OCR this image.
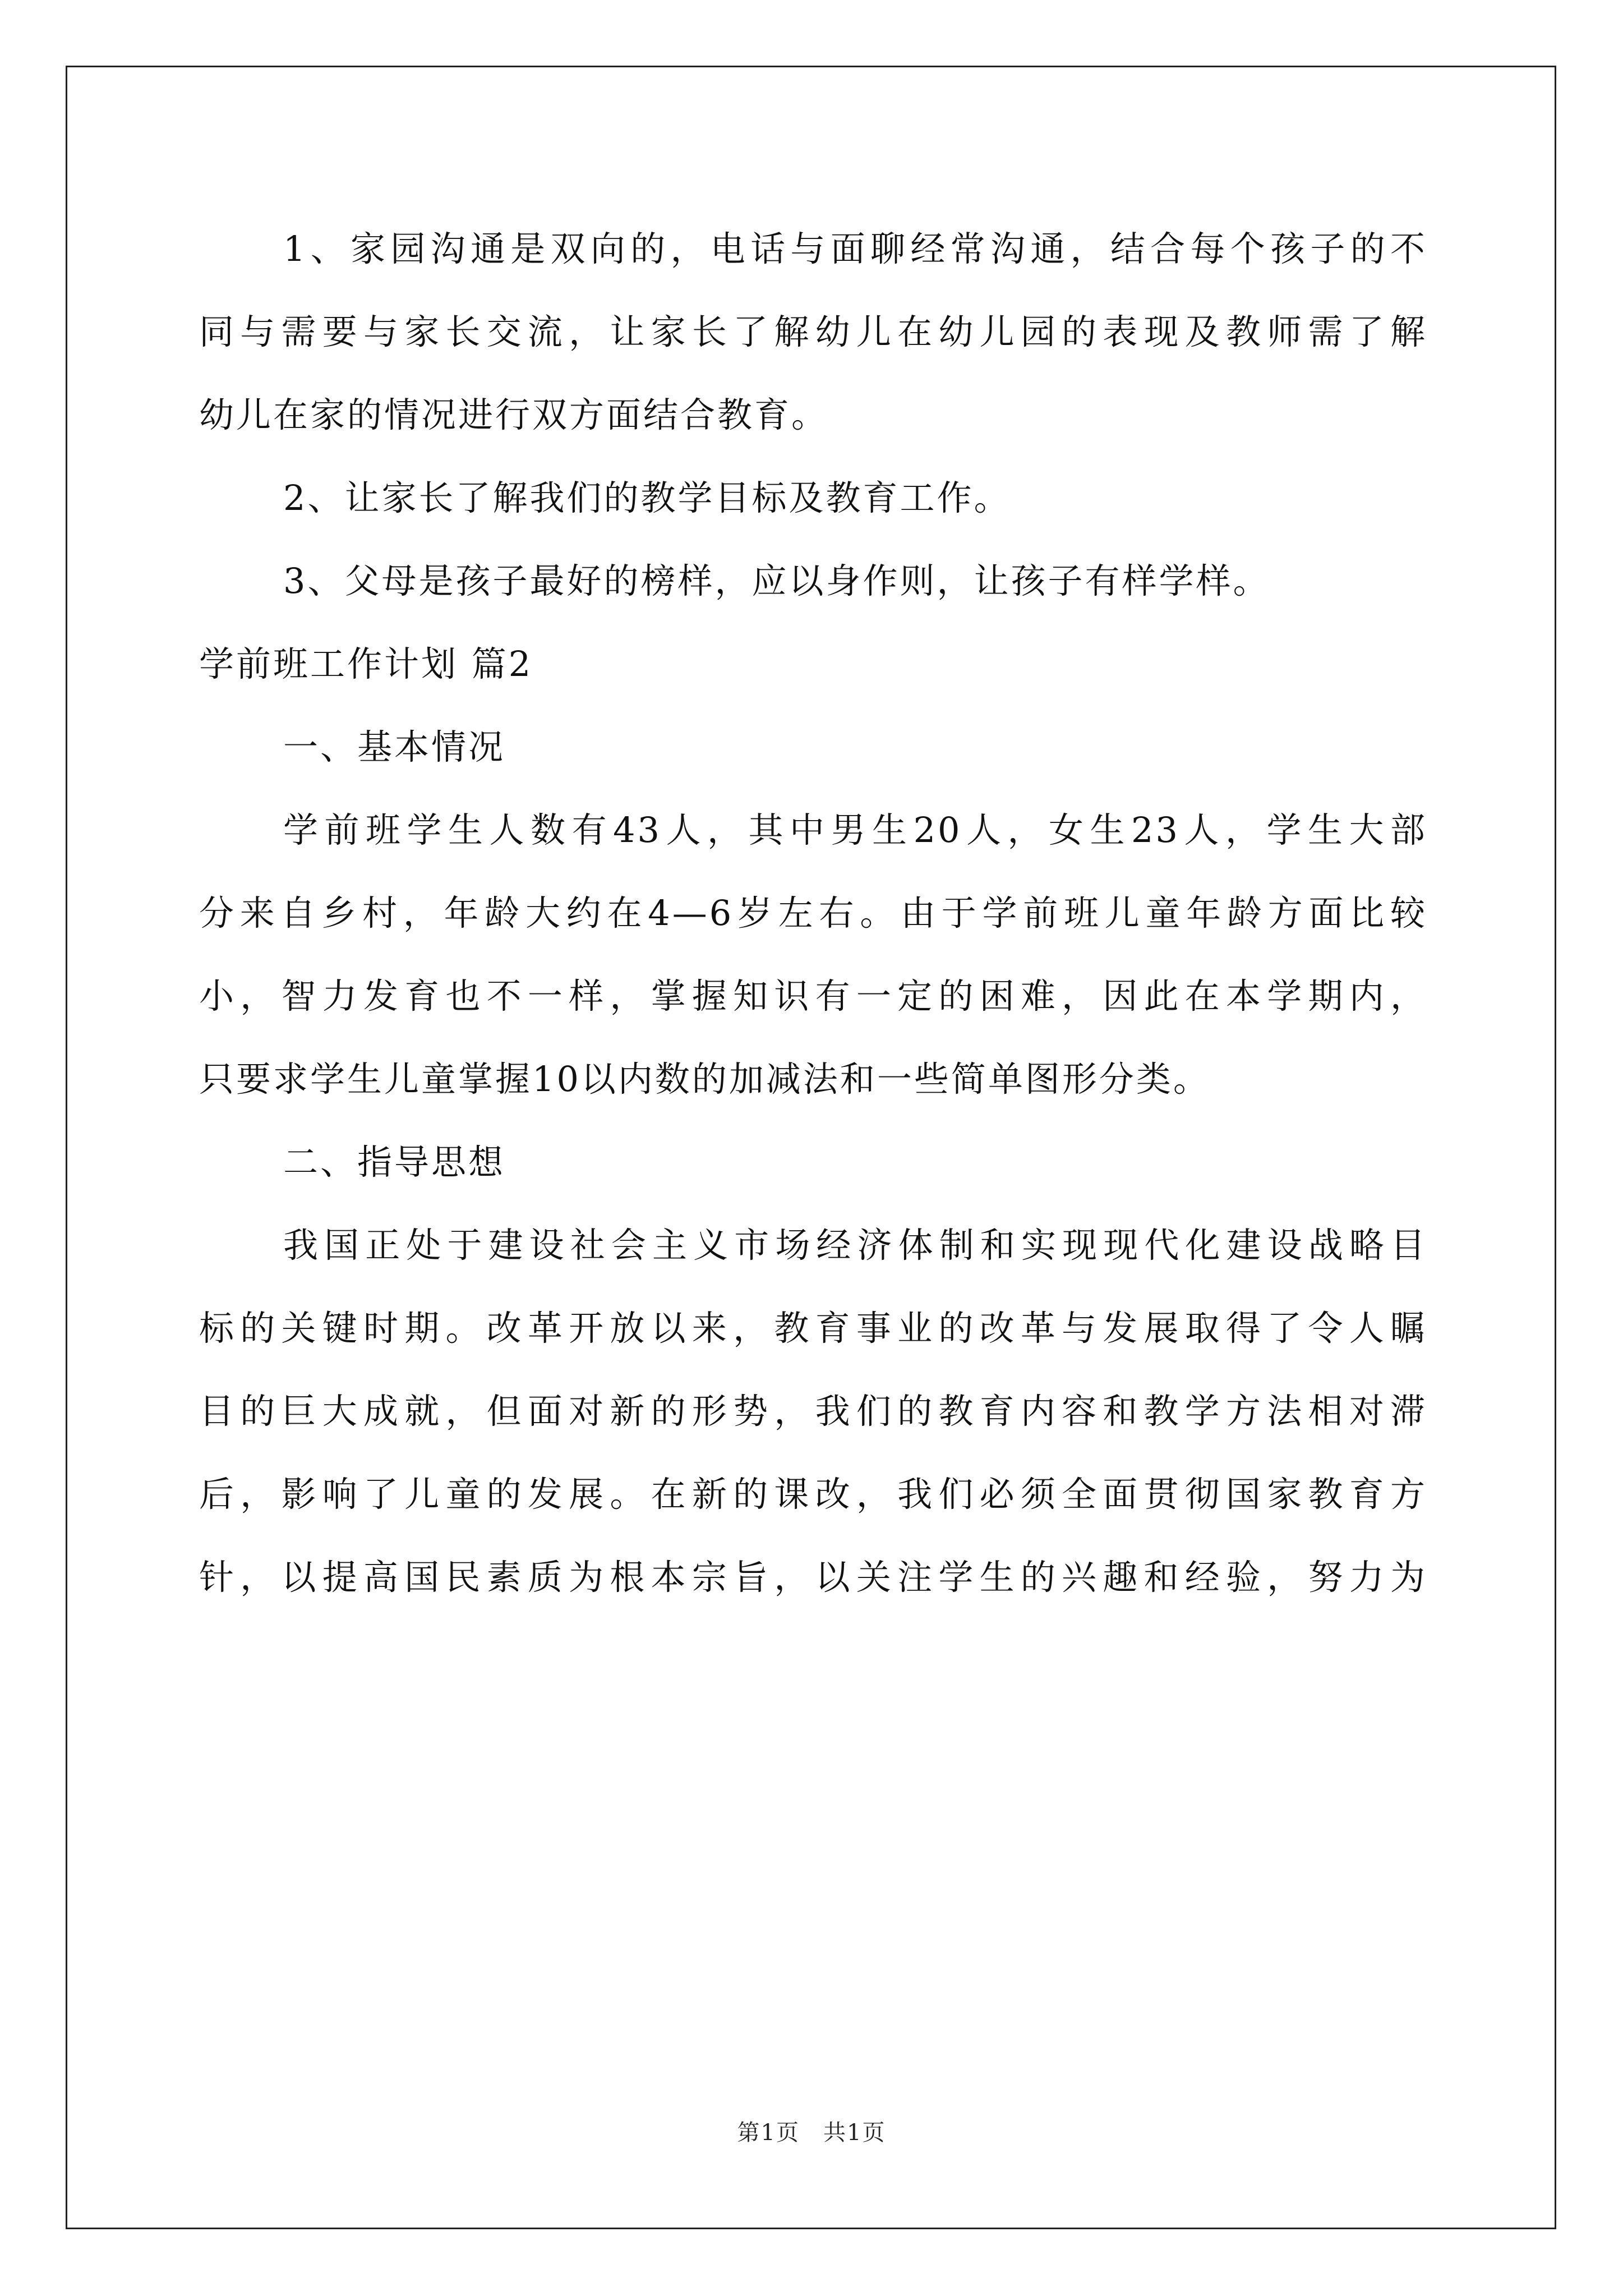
1、家园沟通是双向的，电话与面聊经常沟通，结合每个孩子的不
同与需要与家长交流，让家长了解幼儿在幼儿园的表现及教师需了解
幼儿在家的情况进行双方面结合教育。

2、让家长了解我们的教学目标及教育工作。

3、父母是孩子最好的榜样，应以身作则，让孩子有样学样。

学前班工作计划 篇2

一、基本情况

学前班学生人数有43人，其中男生20人，女生23人，学生大部
分来自乡村，年龄大约在4—6岁左右。由于学前班儿童年龄方面比较
小，智力发育也不一样，掌握知识有一定的困难，因此在本学期内，
只要求学生儿童掌握10以内数的加减法和一些简单图形分类。

二、指导思想

我国正处于建设社会主义市场经济体制和实现现代化建设战略目
标的关键时期。改革开放以来，教育事业的改革与发展取得了令人瞩
目的巨大成就，但面对新的形势，我们的教育内容和教学方法相对滞
后，影响了儿童的发展。在新的课改，我们必须全面贯彻国家教育方
针，以提高国民素质为根本宗旨，以关注学生的兴趣和经验，努力为

第1页　共1页
